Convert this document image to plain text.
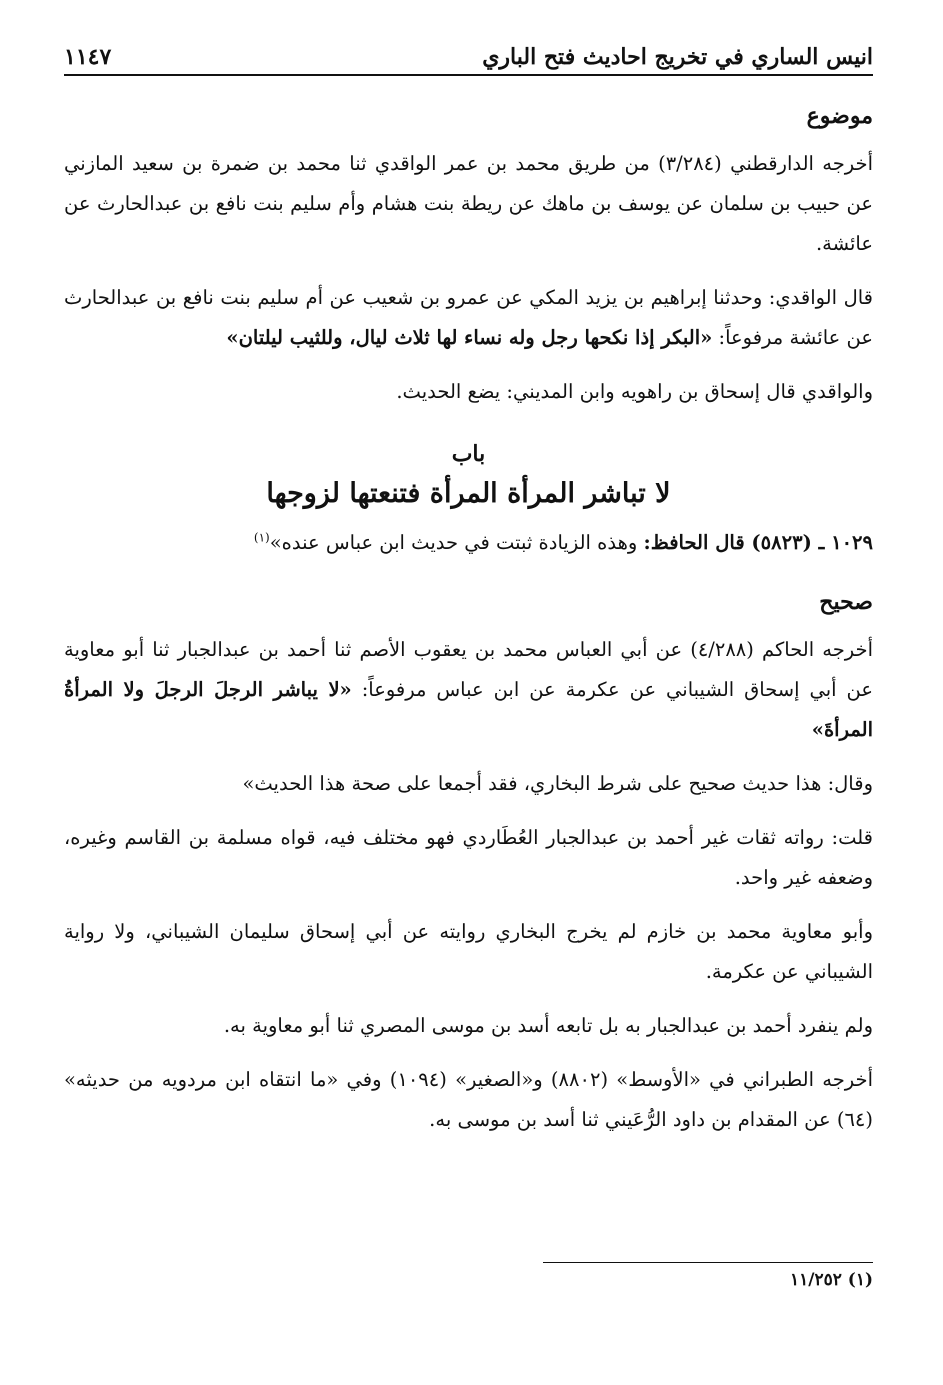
انيس الساري في تخريج احاديث فتح الباري
١١٤٧
موضوع

أخرجه الدارقطني (٣/٢٨٤) من طريق محمد بن عمر الواقدي ثنا محمد بن ضمرة بن سعيد المازني عن حبيب بن سلمان عن يوسف بن ماهك عن ريطة بنت هشام وأم سليم بنت نافع بن عبدالحارث عن عائشة.

قال الواقدي: وحدثنا إبراهيم بن يزيد المكي عن عمرو بن شعيب عن أم سليم بنت نافع بن عبدالحارث عن عائشة مرفوعاً: «البكر إذا نكحها رجل وله نساء لها ثلاث ليال، وللثيب ليلتان»

والواقدي قال إسحاق بن راهويه وابن المديني: يضع الحديث.

باب
لا تباشر المرأة المرأة فتنعتها لزوجها
١٠٢٩ ـ (٥٨٢٣) قال الحافظ: وهذه الزيادة ثبتت في حديث ابن عباس عنده»$^{(١)}$
صحيح

أخرجه الحاكم (٤/٢٨٨) عن أبي العباس محمد بن يعقوب الأصم ثنا أحمد بن عبدالجبار ثنا أبو معاوية عن أبي إسحاق الشيباني عن عكرمة عن ابن عباس مرفوعاً: «لا يباشر الرجلَ الرجلَ ولا المرأةُ المرأةَ»

وقال: هذا حديث صحيح على شرط البخاري، فقد أجمعا على صحة هذا الحديث»

قلت: رواته ثقات غير أحمد بن عبدالجبار العُطَاردي فهو مختلف فيه، قواه مسلمة بن القاسم وغيره، وضعفه غير واحد.

وأبو معاوية محمد بن خازم لم يخرج البخاري روايته عن أبي إسحاق سليمان الشيباني، ولا رواية الشيباني عن عكرمة.

ولم ينفرد أحمد بن عبدالجبار به بل تابعه أسد بن موسى المصري ثنا أبو معاوية به.

أخرجه الطبراني في «الأوسط» (٨٨٠٢) و«الصغير» (١٠٩٤) وفي «ما انتقاه ابن مردويه من حديثه» (٦٤) عن المقدام بن داود الرُّعَيني ثنا أسد بن موسى به.

(١) ١١/٢٥٢
